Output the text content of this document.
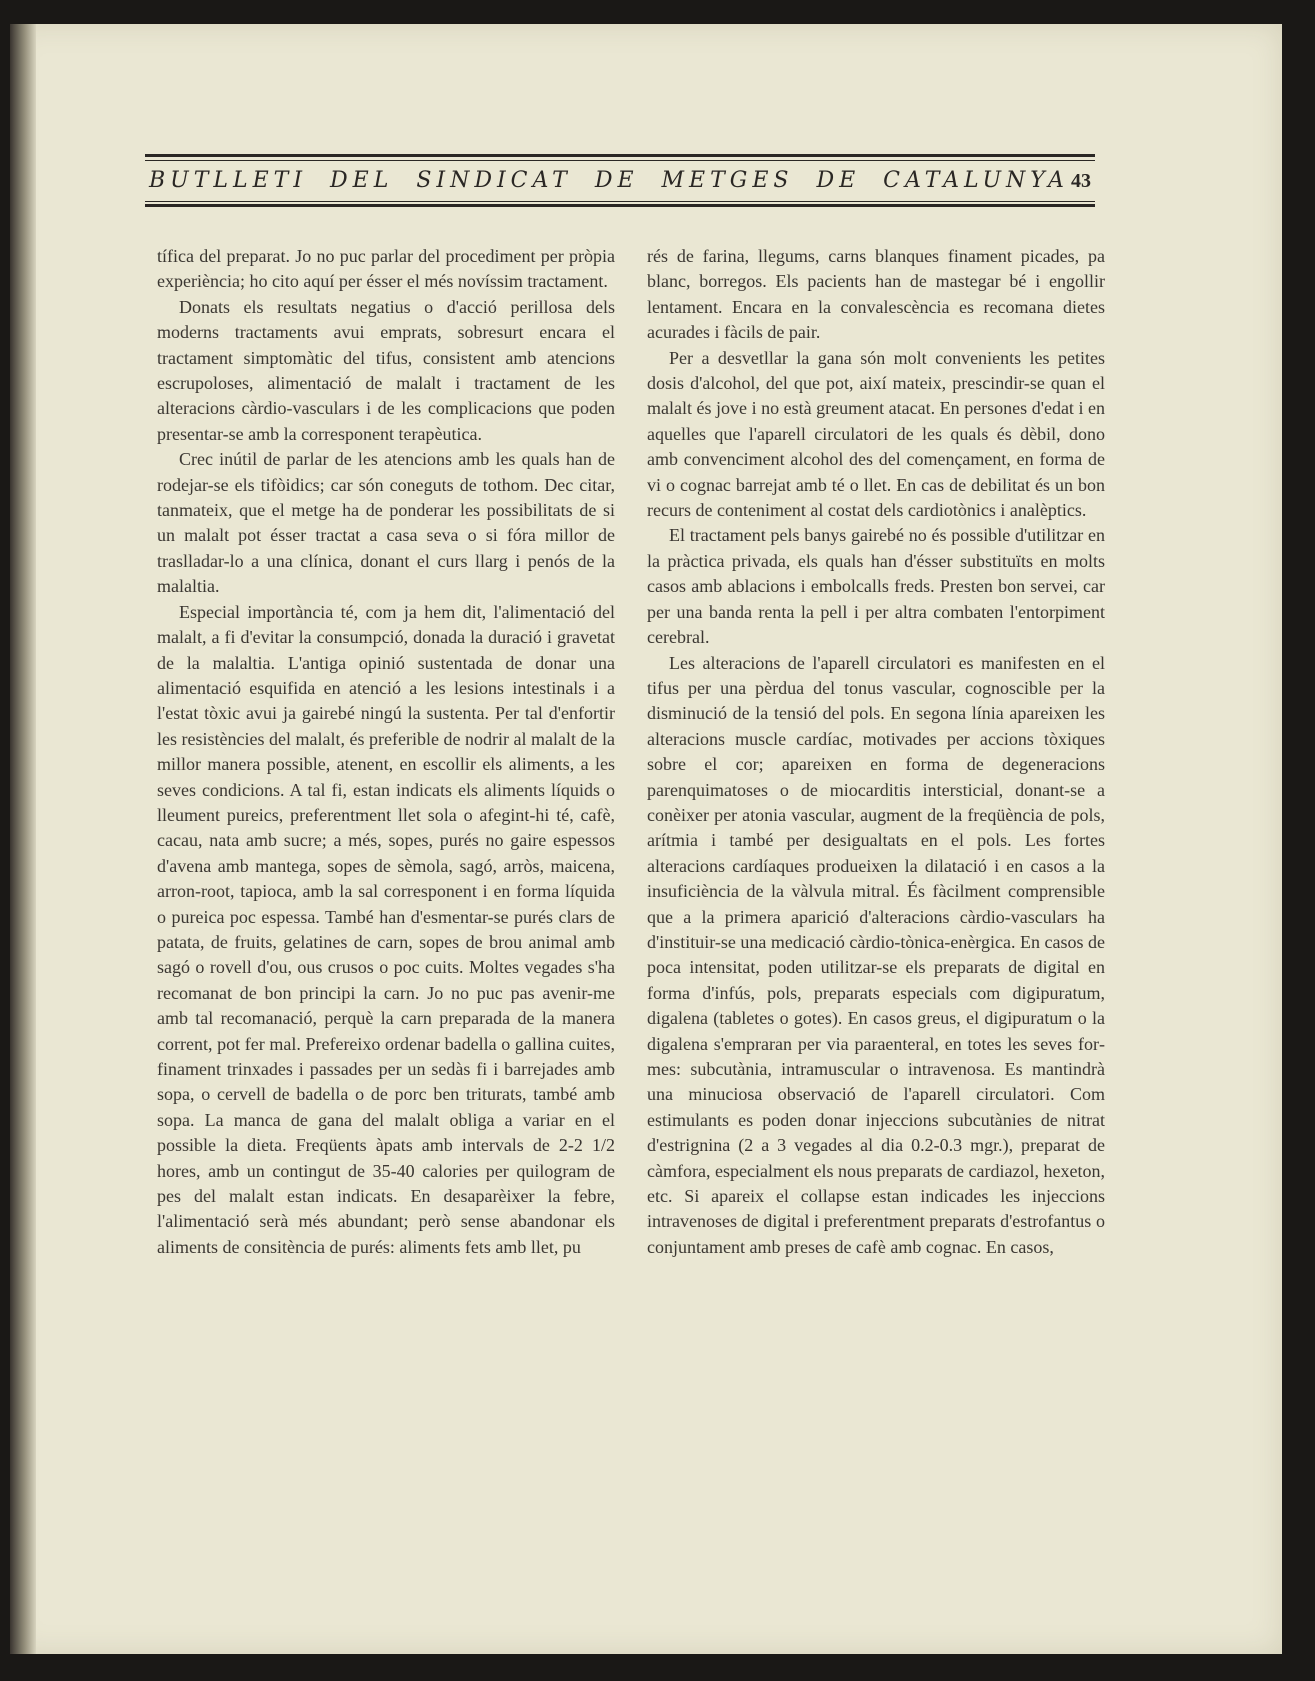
BUTLLETI DEL SINDICAT DE METGES DE CATALUNYA 43

tífica del preparat. Jo no puc parlar del procediment per pròpia experiència; ho cito aquí per ésser el més novíssim tractament.

Donats els resultats negatius o d'acció perillosa dels moderns tractaments avui emprats, sobresurt encara el tractament simptomàtic del tifus, consistent amb atencions escrupoloses, alimentació de malalt i tractament de les alteracions càrdio-vasculars i de les complicacions que poden presentar-se amb la corresponent terapèutica.

Crec inútil de parlar de les atencions amb les quals han de rodejar-se els tifòidics; car són coneguts de tothom. Dec citar, tanmateix, que el metge ha de ponderar les possibilitats de si un malalt pot ésser tractat a casa seva o si fóra millor de traslladar-lo a una clínica, donant el curs llarg i penós de la malaltia.

Especial importància té, com ja hem dit, l'alimentació del malalt, a fi d'evitar la consumpció, donada la duració i gravetat de la malaltia. L'antiga opinió sustentada de donar una alimentació esquifida en atenció a les lesions intestinals i a l'estat tòxic avui ja gairebé ningú la sustenta. Per tal d'enfortir les resistències del malalt, és preferible de nodrir al malalt de la millor manera possible, atenent, en escollir els aliments, a les seves condicions. A tal fi, estan indicats els aliments líquids o lleument pureics, preferentment llet sola o afegint-hi té, cafè, cacau, nata amb sucre; a més, sopes, purés no gaire espessos d'avena amb mantega, sopes de sèmola, sagó, arròs, maicena, arron-root, tapioca, amb la sal corresponent i en forma líquida o pureica poc espessa. També han d'esmentar-se purés clars de patata, de fruits, gelatines de carn, sopes de brou animal amb sagó o rovell d'ou, ous crusos o poc cuits. Moltes vegades s'ha recomanat de bon principi la carn. Jo no puc pas avenir-me amb tal recomanació, perquè la carn preparada de la manera corrent, pot fer mal. Prefereixo ordenar badella o gallina cuites, finament trinxades i passades per un sedàs fi i barrejades amb sopa, o cervell de badella o de porc ben triturats, també amb sopa. La manca de gana del malalt obliga a variar en el possible la dieta. Freqüents àpats amb intervals de 2-2 1/2 hores, amb un contingut de 35-40 calories per quilogram de pes del malalt estan indicats. En desaparèixer la febre, l'alimentació serà més abundant; però sense abandonar els aliments de consitència de purés: aliments fets amb llet, pu

rés de farina, llegums, carns blanques finament picades, pa blanc, borregos. Els pacients han de mastegar bé i engollir lentament. Encara en la convalescència es recomana dietes acurades i fàcils de pair.

Per a desvetllar la gana són molt convenients les petites dosis d'alcohol, del que pot, així mateix, prescindir-se quan el malalt és jove i no està greument atacat. En persones d'edat i en aquelles que l'aparell circulatori de les quals és dèbil, dono amb convenciment alcohol des del començament, en forma de vi o cognac barrejat amb té o llet. En cas de debilitat és un bon recurs de conteniment al costat dels cardiotònics i analèptics.

El tractament pels banys gairebé no és possible d'utilitzar en la pràctica privada, els quals han d'ésser substituïts en molts casos amb ablacions i embolcalls freds. Presten bon servei, car per una banda renta la pell i per altra combaten l'entorpiment cerebral.

Les alteracions de l'aparell circulatori es manifesten en el tifus per una pèrdua del tonus vascular, cognoscible per la disminució de la tensió del pols. En segona línia apareixen les alteracions muscle cardíac, motivades per accions tòxiques sobre el cor; apareixen en forma de degeneracions parenquimatoses o de miocarditis intersticial, donant-se a conèixer per atonia vascular, augment de la freqüència de pols, arítmia i també per desigualtats en el pols. Les fortes alteracions cardíaques produeixen la dilatació i en casos a la insuficiència de la vàlvula mitral. És fàcilment comprensible que a la primera aparició d'alteracions càrdio-vasculars ha d'instituir-se una medicació càrdio-tònica-enèrgica. En casos de poca intensitat, poden utilitzar-se els preparats de digital en forma d'infús, pols, preparats especials com digipuratum, digalena (tabletes o gotes). En casos greus, el digipuratum o la digalena s'empraran per via paraenteral, en totes les seves formes: subcutània, intramuscular o intravenosa. Es mantindrà una minuciosa observació de l'aparell circulatori. Com estimulants es poden donar injeccions subcutànies de nitrat d'estrignina (2 a 3 vegades al dia 0.2-0.3 mgr.), preparat de càmfora, especialment els nous preparats de cardiazol, hexeton, etc. Si apareix el collapse estan indicades les injeccions intravenoses de digital i preferentment preparats d'estrofantus o conjuntament amb preses de cafè amb cognac. En casos,
